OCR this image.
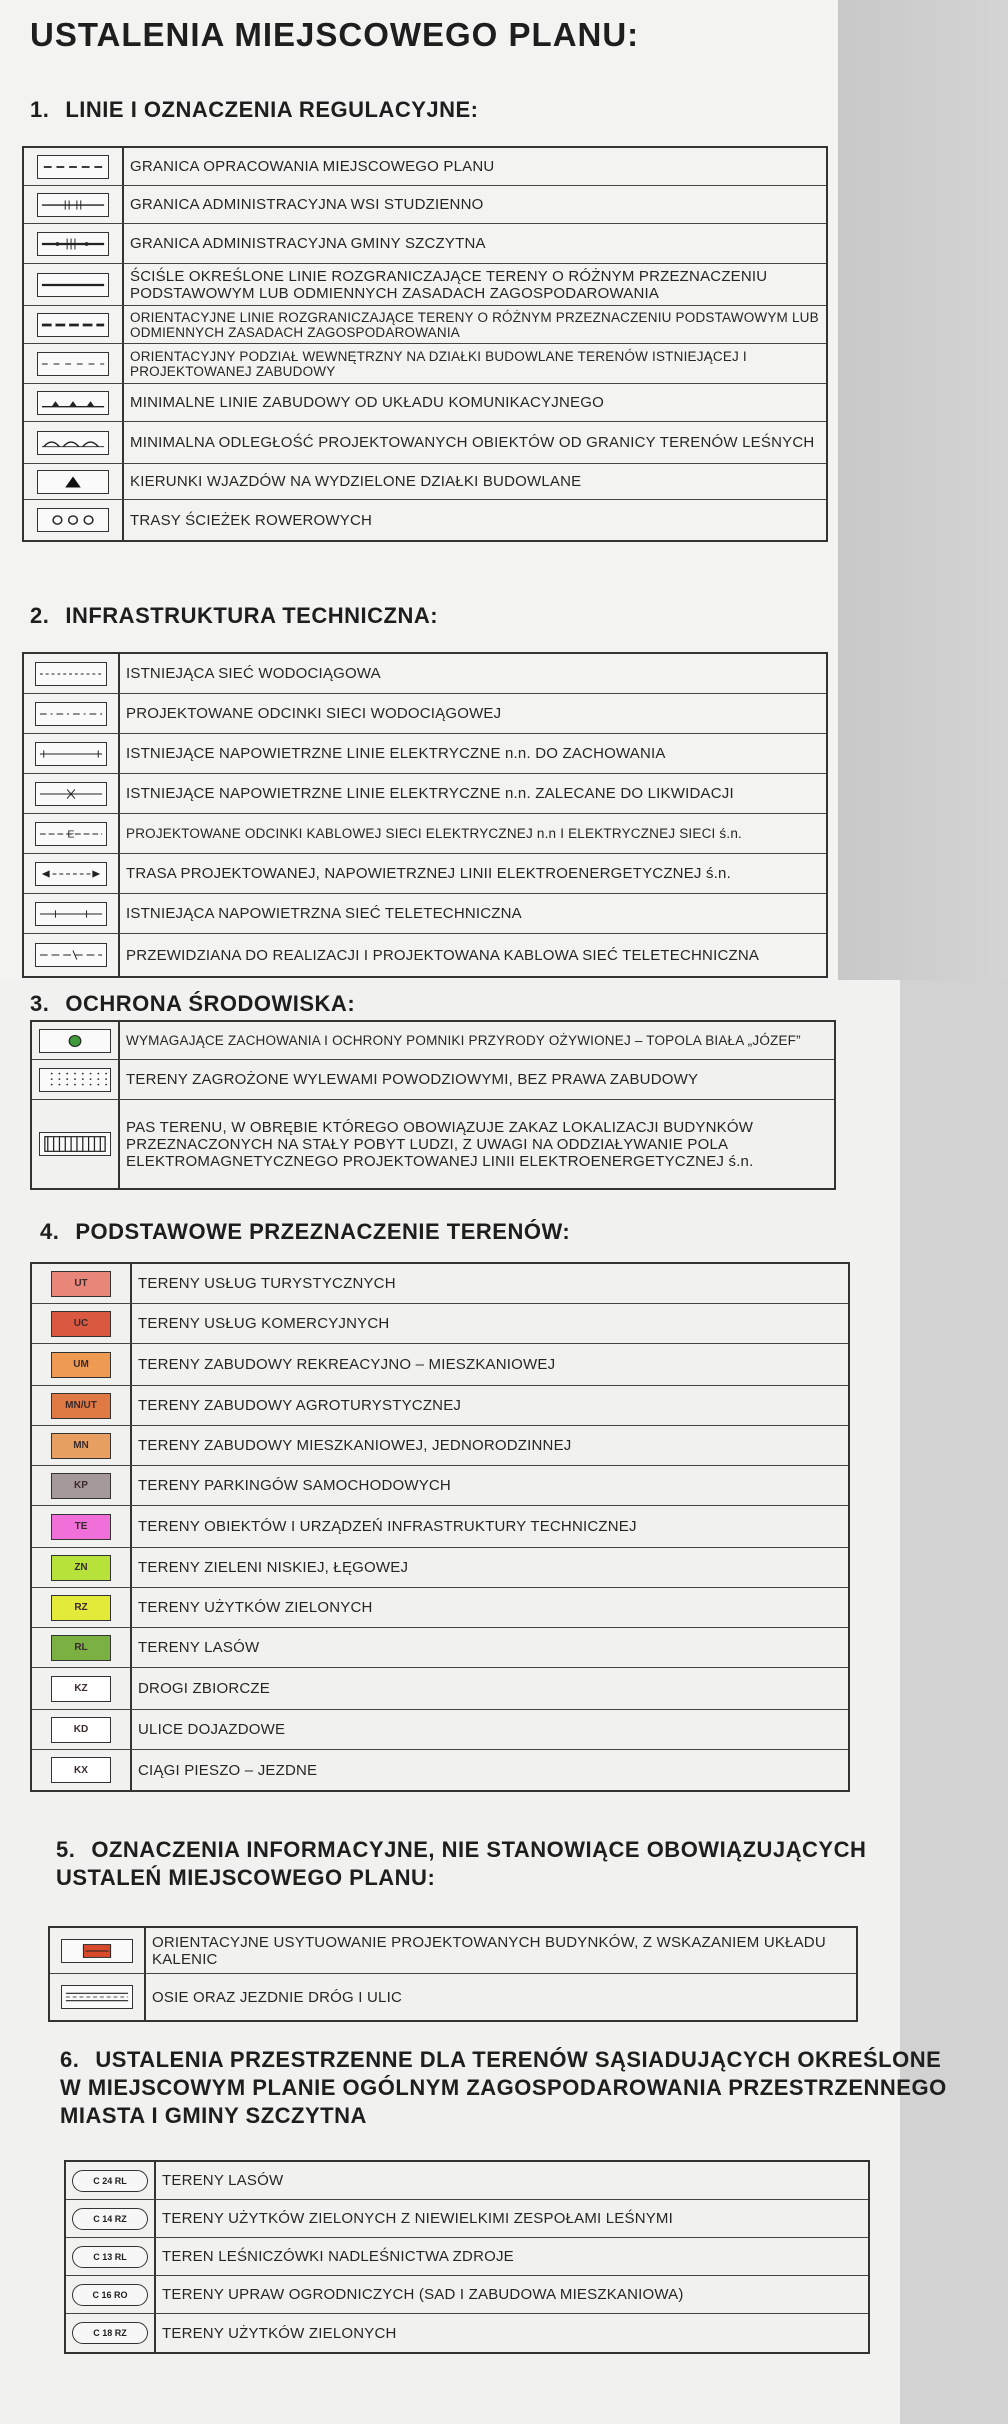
USTALENIA MIEJSCOWEGO PLANU:
1. LINIE I OZNACZENIA REGULACYJNE:
GRANICA OPRACOWANIA MIEJSCOWEGO PLANU
GRANICA ADMINISTRACYJNA WSI STUDZIENNO
GRANICA ADMINISTRACYJNA GMINY SZCZYTNA
ŚCIŚLE OKREŚLONE LINIE ROZGRANICZAJĄCE TERENY O RÓŻNYM PRZEZNACZENIU PODSTAWOWYM LUB ODMIENNYCH ZASADACH ZAGOSPODAROWANIA
ORIENTACYJNE LINIE ROZGRANICZAJĄCE TERENY O RÓŻNYM PRZEZNACZENIU PODSTAWOWYM LUB ODMIENNYCH ZASADACH ZAGOSPODAROWANIA
ORIENTACYJNY PODZIAŁ WEWNĘTRZNY NA DZIAŁKI BUDOWLANE TERENÓW ISTNIEJĄCEJ I PROJEKTOWANEJ ZABUDOWY
MINIMALNE LINIE ZABUDOWY OD UKŁADU KOMUNIKACYJNEGO
MINIMALNA ODLEGŁOŚĆ PROJEKTOWANYCH OBIEKTÓW OD GRANICY TERENÓW LEŚNYCH
KIERUNKI WJAZDÓW NA WYDZIELONE DZIAŁKI BUDOWLANE
TRASY ŚCIEŻEK ROWEROWYCH
2. INFRASTRUKTURA TECHNICZNA:
ISTNIEJĄCA SIEĆ WODOCIĄGOWA
PROJEKTOWANE ODCINKI SIECI WODOCIĄGOWEJ
ISTNIEJĄCE NAPOWIETRZNE LINIE ELEKTRYCZNE n.n. DO ZACHOWANIA
ISTNIEJĄCE NAPOWIETRZNE LINIE ELEKTRYCZNE n.n. ZALECANE DO LIKWIDACJI
E	PROJEKTOWANE ODCINKI KABLOWEJ SIECI ELEKTRYCZNEJ n.n I ELEKTRYCZNEJ SIECI ś.n.
TRASA PROJEKTOWANEJ, NAPOWIETRZNEJ LINII ELEKTROENERGETYCZNEJ ś.n.
ISTNIEJĄCA NAPOWIETRZNA SIEĆ TELETECHNICZNA
PRZEWIDZIANA DO REALIZACJI I PROJEKTOWANA KABLOWA SIEĆ TELETECHNICZNA
3. OCHRONA ŚRODOWISKA:
WYMAGAJĄCE ZACHOWANIA I OCHRONY POMNIKI PRZYRODY OŻYWIONEJ – TOPOLA BIAŁA „JÓZEF”
TERENY ZAGROŻONE WYLEWAMI POWODZIOWYMI, BEZ PRAWA ZABUDOWY
PAS TERENU, W OBRĘBIE KTÓREGO OBOWIĄZUJE ZAKAZ LOKALIZACJI BUDYNKÓW PRZEZNACZONYCH NA STAŁY POBYT LUDZI, Z UWAGI NA ODDZIAŁYWANIE POLA ELEKTROMAGNETYCZNEGO PROJEKTOWANEJ LINII ELEKTROENERGETYCZNEJ ś.n.
4. PODSTAWOWE PRZEZNACZENIE TERENÓW:
UT	TERENY USŁUG TURYSTYCZNYCH
UC	TERENY USŁUG KOMERCYJNYCH
UM	TERENY ZABUDOWY REKREACYJNO – MIESZKANIOWEJ
MN/UT	TERENY ZABUDOWY AGROTURYSTYCZNEJ
MN	TERENY ZABUDOWY MIESZKANIOWEJ, JEDNORODZINNEJ
KP	TERENY PARKINGÓW SAMOCHODOWYCH
TE	TERENY OBIEKTÓW I URZĄDZEŃ INFRASTRUKTURY TECHNICZNEJ
ZN	TERENY ZIELENI NISKIEJ, ŁĘGOWEJ
RZ	TERENY UŻYTKÓW ZIELONYCH
RL	TERENY LASÓW
KZ	DROGI ZBIORCZE
KD	ULICE DOJAZDOWE
KX	CIĄGI PIESZO – JEZDNE
5. OZNACZENIA INFORMACYJNE, NIE STANOWIĄCE OBOWIĄZUJĄCYCH USTALEŃ MIEJSCOWEGO PLANU:
ORIENTACYJNE USYTUOWANIE PROJEKTOWANYCH BUDYNKÓW, Z WSKAZANIEM UKŁADU KALENIC
OSIE ORAZ JEZDNIE DRÓG I ULIC
6. USTALENIA PRZESTRZENNE DLA TERENÓW SĄSIADUJĄCYCH OKREŚLONE W MIEJSCOWYM PLANIE OGÓLNYM ZAGOSPODAROWANIA PRZESTRZENNEGO MIASTA I GMINY SZCZYTNA
C 24 RL	TERENY LASÓW
C 14 RZ	TERENY UŻYTKÓW ZIELONYCH Z NIEWIELKIMI ZESPOŁAMI LEŚNYMI
C 13 RL	TEREN LEŚNICZÓWKI NADLEŚNICTWA ZDROJE
C 16 RO	TERENY UPRAW OGRODNICZYCH (SAD I ZABUDOWA MIESZKANIOWA)
C 18 RZ	TERENY UŻYTKÓW ZIELONYCH
